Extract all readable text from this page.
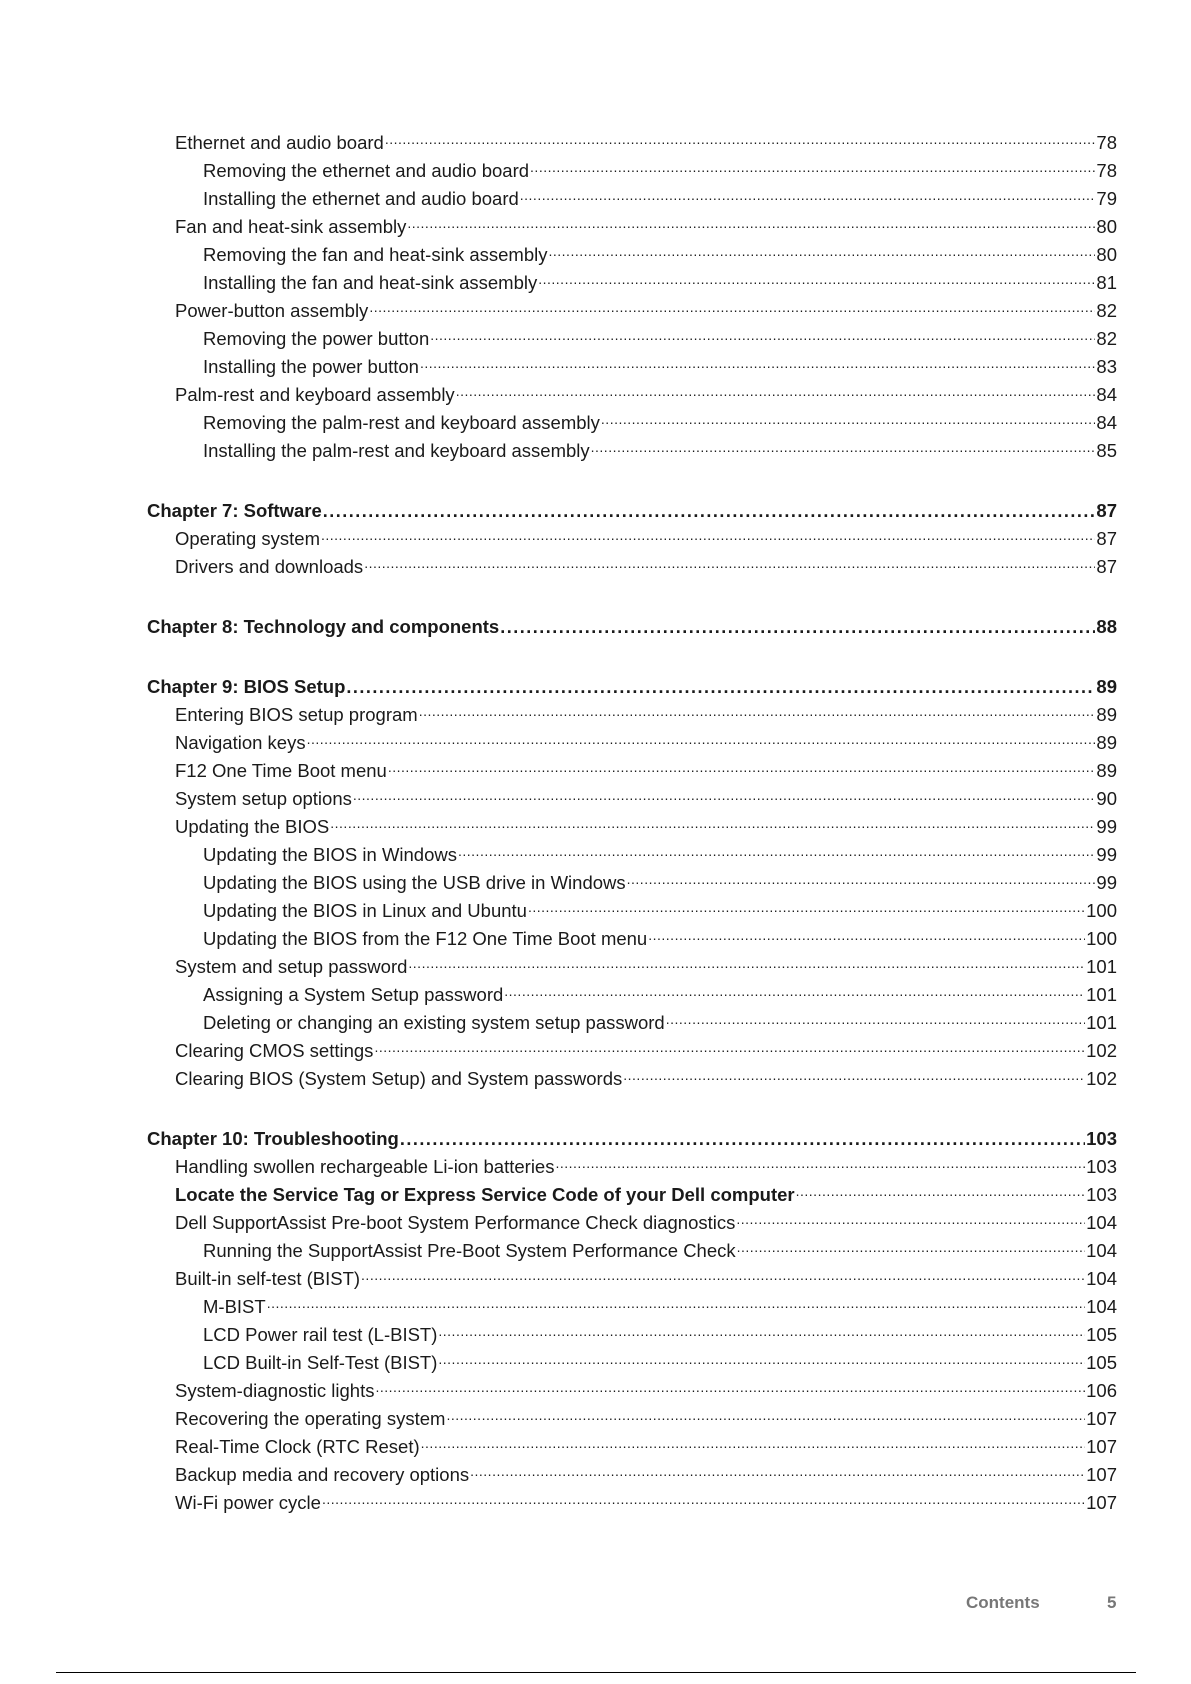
Ethernet and audio board .....	78
Removing the ethernet and audio board .....	78
Installing the ethernet and audio board .....	79
Fan and heat-sink assembly .....	80
Removing the fan and heat-sink assembly .....	80
Installing the fan and heat-sink assembly .....	81
Power-button assembly .....	82
Removing the power button .....	82
Installing the power button .....	83
Palm-rest and keyboard assembly .....	84
Removing the palm-rest and keyboard assembly .....	84
Installing the palm-rest and keyboard assembly .....	85
Chapter 7: Software .....	87
Operating system .....	87
Drivers and downloads .....	87
Chapter 8: Technology and components .....	88
Chapter 9: BIOS Setup .....	89
Entering BIOS setup program .....	89
Navigation keys .....	89
F12 One Time Boot menu .....	89
System setup options .....	90
Updating the BIOS .....	99
Updating the BIOS in Windows .....	99
Updating the BIOS using the USB drive in Windows .....	99
Updating the BIOS in Linux and Ubuntu .....	100
Updating the BIOS from the F12 One Time Boot menu .....	100
System and setup password .....	101
Assigning a System Setup password .....	101
Deleting or changing an existing system setup password .....	101
Clearing CMOS settings .....	102
Clearing BIOS (System Setup) and System passwords .....	102
Chapter 10: Troubleshooting .....	103
Handling swollen rechargeable Li-ion batteries .....	103
Locate the Service Tag or Express Service Code of your Dell computer .....	103
Dell SupportAssist Pre-boot System Performance Check diagnostics .....	104
Running the SupportAssist Pre-Boot System Performance Check .....	104
Built-in self-test (BIST) .....	104
M-BIST .....	104
LCD Power rail test (L-BIST) .....	105
LCD Built-in Self-Test (BIST) .....	105
System-diagnostic lights .....	106
Recovering the operating system .....	107
Real-Time Clock (RTC Reset) .....	107
Backup media and recovery options .....	107
Wi-Fi power cycle .....	107
Contents	5
